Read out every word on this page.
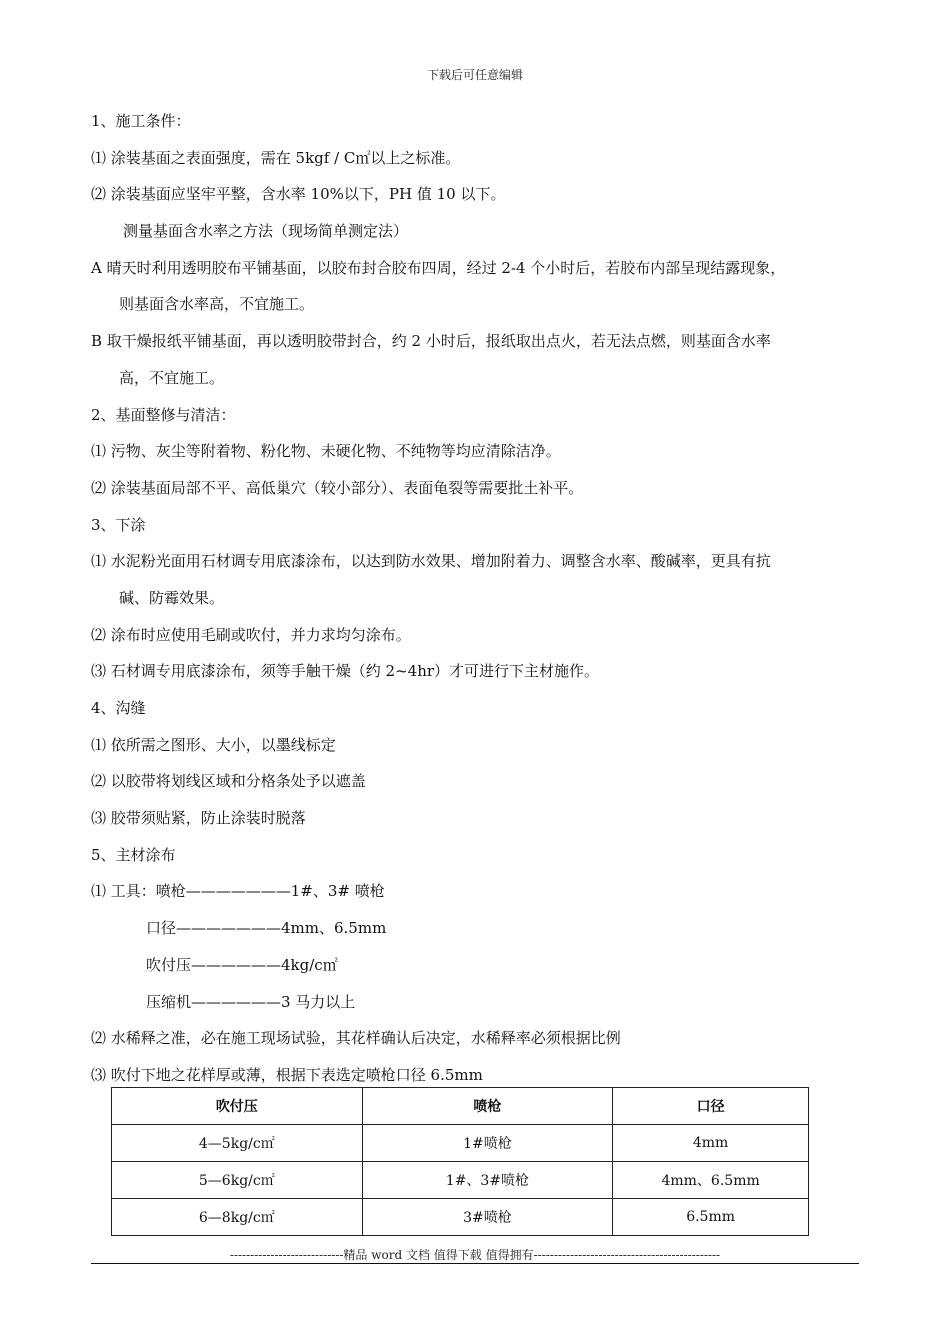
下载后可任意编辑
1、施工条件：
⑴ 涂装基面之表面强度，需在 5kgf / C㎡以上之标准。
⑵ 涂装基面应坚牢平整，含水率 10%以下，PH 值 10 以下。
测量基面含水率之方法（现场简单测定法）
A 晴天时利用透明胶布平铺基面，以胶布封合胶布四周，经过 2-4 个小时后，若胶布内部呈现结露现象，
则基面含水率高，不宜施工。
B 取干燥报纸平铺基面，再以透明胶带封合，约 2 小时后，报纸取出点火，若无法点燃，则基面含水率
高，不宜施工。
2、基面整修与清洁：
⑴ 污物、灰尘等附着物、粉化物、未硬化物、不纯物等均应清除洁净。
⑵ 涂装基面局部不平、高低巢穴（较小部分）、表面龟裂等需要批土补平。
3、下涂
⑴ 水泥粉光面用石材调专用底漆涂布，以达到防水效果、增加附着力、调整含水率、酸碱率，更具有抗
碱、防霉效果。
⑵ 涂布时应使用毛刷或吹付，并力求均匀涂布。
⑶ 石材调专用底漆涂布，须等手触干燥（约 2~4hr）才可进行下主材施作。
4、沟缝
⑴ 依所需之图形、大小，以墨线标定
⑵ 以胶带将划线区域和分格条处予以遮盖
⑶ 胶带须贴紧，防止涂装时脱落
5、主材涂布
⑴ 工具：喷枪———————1#、3# 喷枪
口径———————4mm、6.5mm
吹付压——————4kg/c㎡
压缩机——————3 马力以上
⑵ 水稀释之准，必在施工现场试验，其花样确认后决定，水稀释率必须根据比例
⑶ 吹付下地之花样厚或薄，根据下表选定喷枪口径 6.5mm
吹付压	喷枪	口径
4—5kg/c㎡	1#喷枪	4mm
5—6kg/c㎡	1#、3#喷枪	4mm、6.5mm
6—8kg/c㎡	3#喷枪	6.5mm
----------------------------精品 word 文档 值得下载 值得拥有----------------------------------------------
